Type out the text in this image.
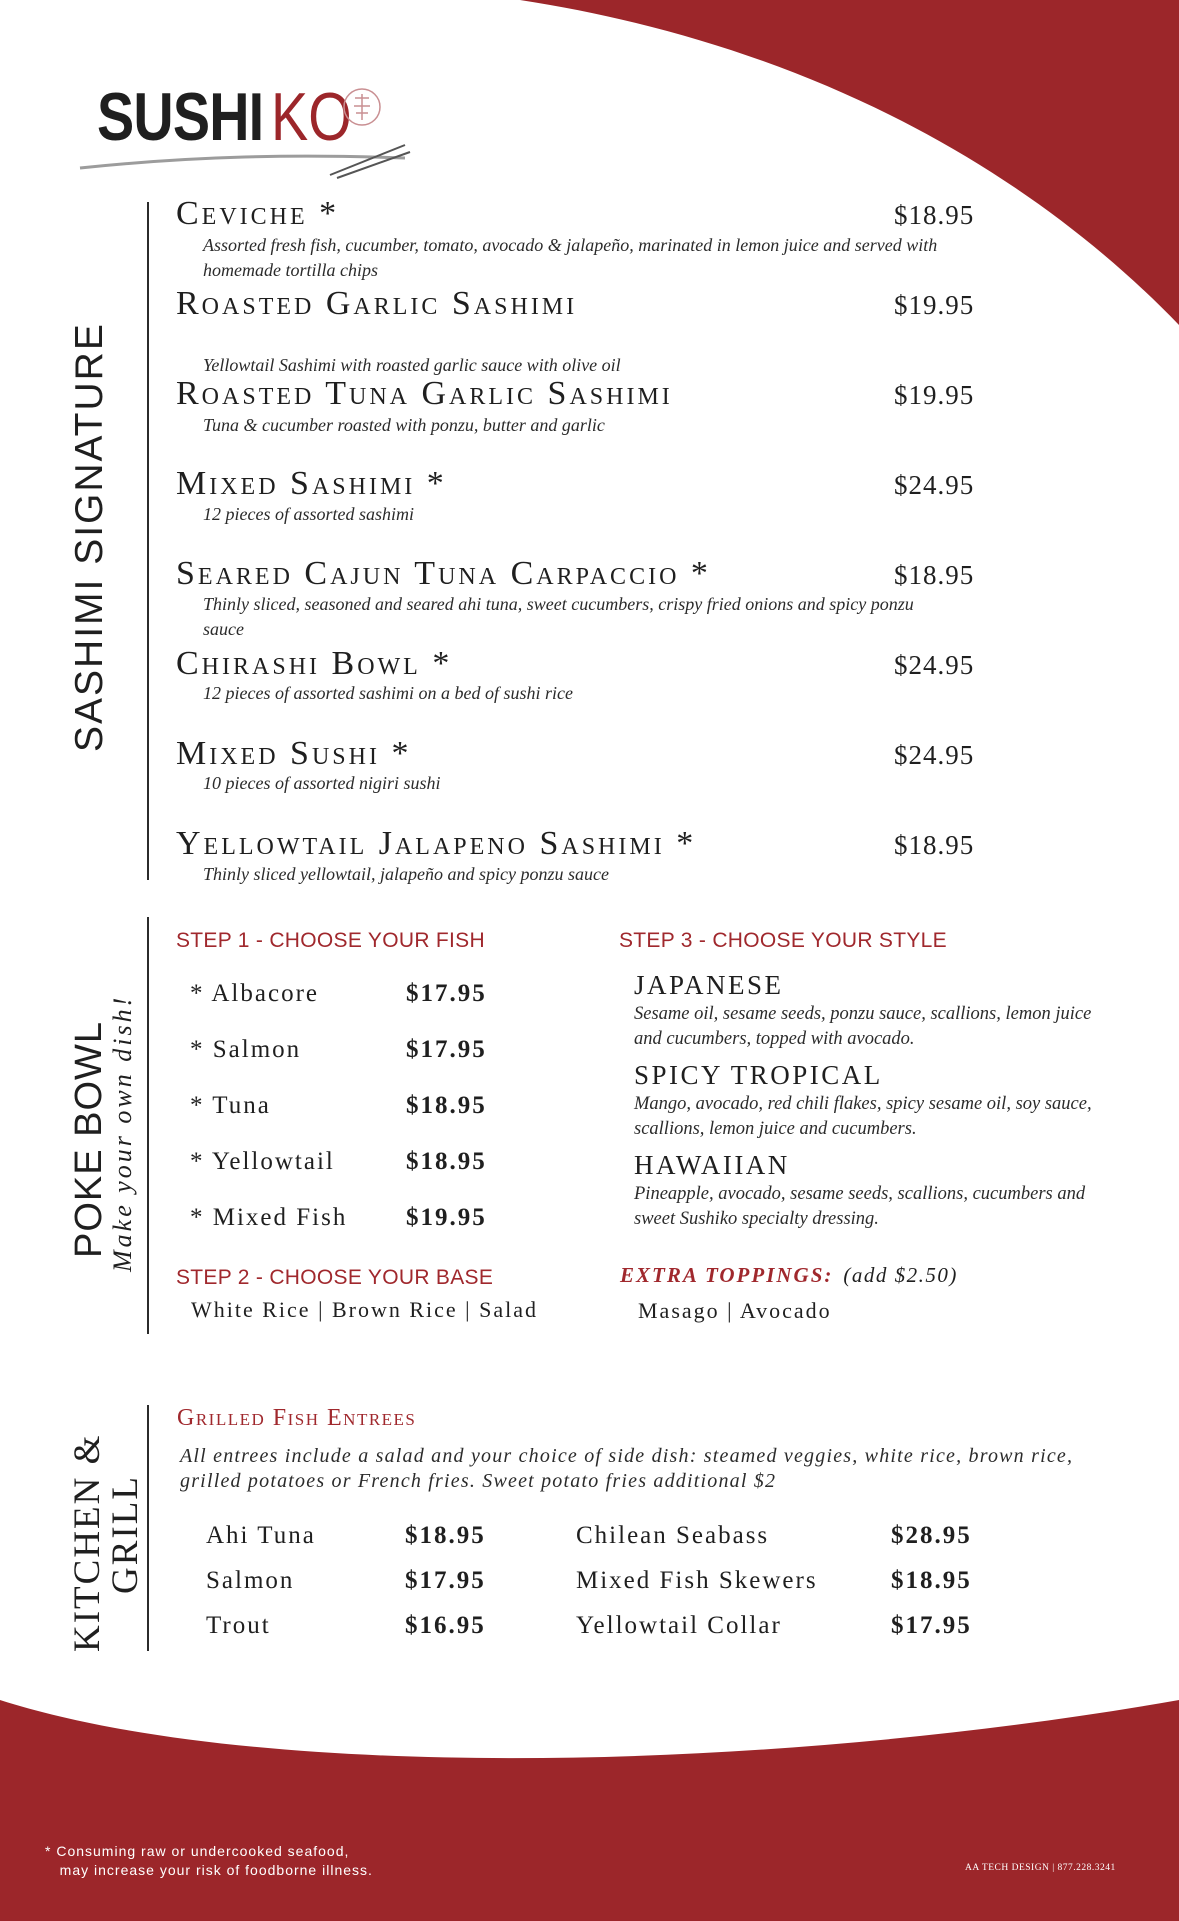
SUSHI KO
SASHIMI SIGNATURE
Ceviche *	$18.95
Assorted fresh fish, cucumber, tomato, avocado & jalapeño, marinated in lemon juice and served with homemade tortilla chips
Roasted Garlic Sashimi	$19.95
Yellowtail Sashimi with roasted garlic sauce with olive oil
Roasted Tuna Garlic Sashimi	$19.95
Tuna & cucumber roasted with ponzu, butter and garlic
Mixed Sashimi *	$24.95
12 pieces of assorted sashimi
Seared Cajun Tuna Carpaccio *	$18.95
Thinly sliced, seasoned and seared ahi tuna, sweet cucumbers, crispy fried onions and spicy ponzu sauce
Chirashi Bowl *	$24.95
12 pieces of assorted sashimi on a bed of sushi rice
Mixed Sushi *	$24.95
10 pieces of assorted nigiri sushi
Yellowtail Jalapeno Sashimi *	$18.95
Thinly sliced yellowtail, jalapeño and spicy ponzu sauce
POKE BOWL
Make your own dish!
STEP 1 - CHOOSE YOUR FISH
* Albacore	$17.95
* Salmon	$17.95
* Tuna	$18.95
* Yellowtail	$18.95
* Mixed Fish $19.95
STEP 2 - CHOOSE YOUR BASE
White Rice | Brown Rice | Salad
STEP 3 - CHOOSE YOUR STYLE
JAPANESE
Sesame oil, sesame seeds, ponzu sauce, scallions, lemon juice and cucumbers, topped with avocado.
SPICY TROPICAL
Mango, avocado, red chili flakes, spicy sesame oil, soy sauce, scallions, lemon juice and cucumbers.
HAWAIIAN
Pineapple, avocado, sesame seeds, scallions, cucumbers and sweet Sushiko specialty dressing.
EXTRA TOPPINGS: (add $2.50)
Masago | Avocado
KITCHEN &
GRILL
Grilled Fish Entrees
All entrees include a salad and your choice of side dish: steamed veggies, white rice, brown rice, grilled potatoes or French fries. Sweet potato fries additional $2
Ahi Tuna	$18.95
Salmon	$17.95
Trout	$16.95
Chilean Seabass	$28.95
Mixed Fish Skewers	$18.95
Yellowtail Collar	$17.95
* Consuming raw or undercooked seafood,
may increase your risk of foodborne illness.	AA TECH DESIGN | 877.228.3241
